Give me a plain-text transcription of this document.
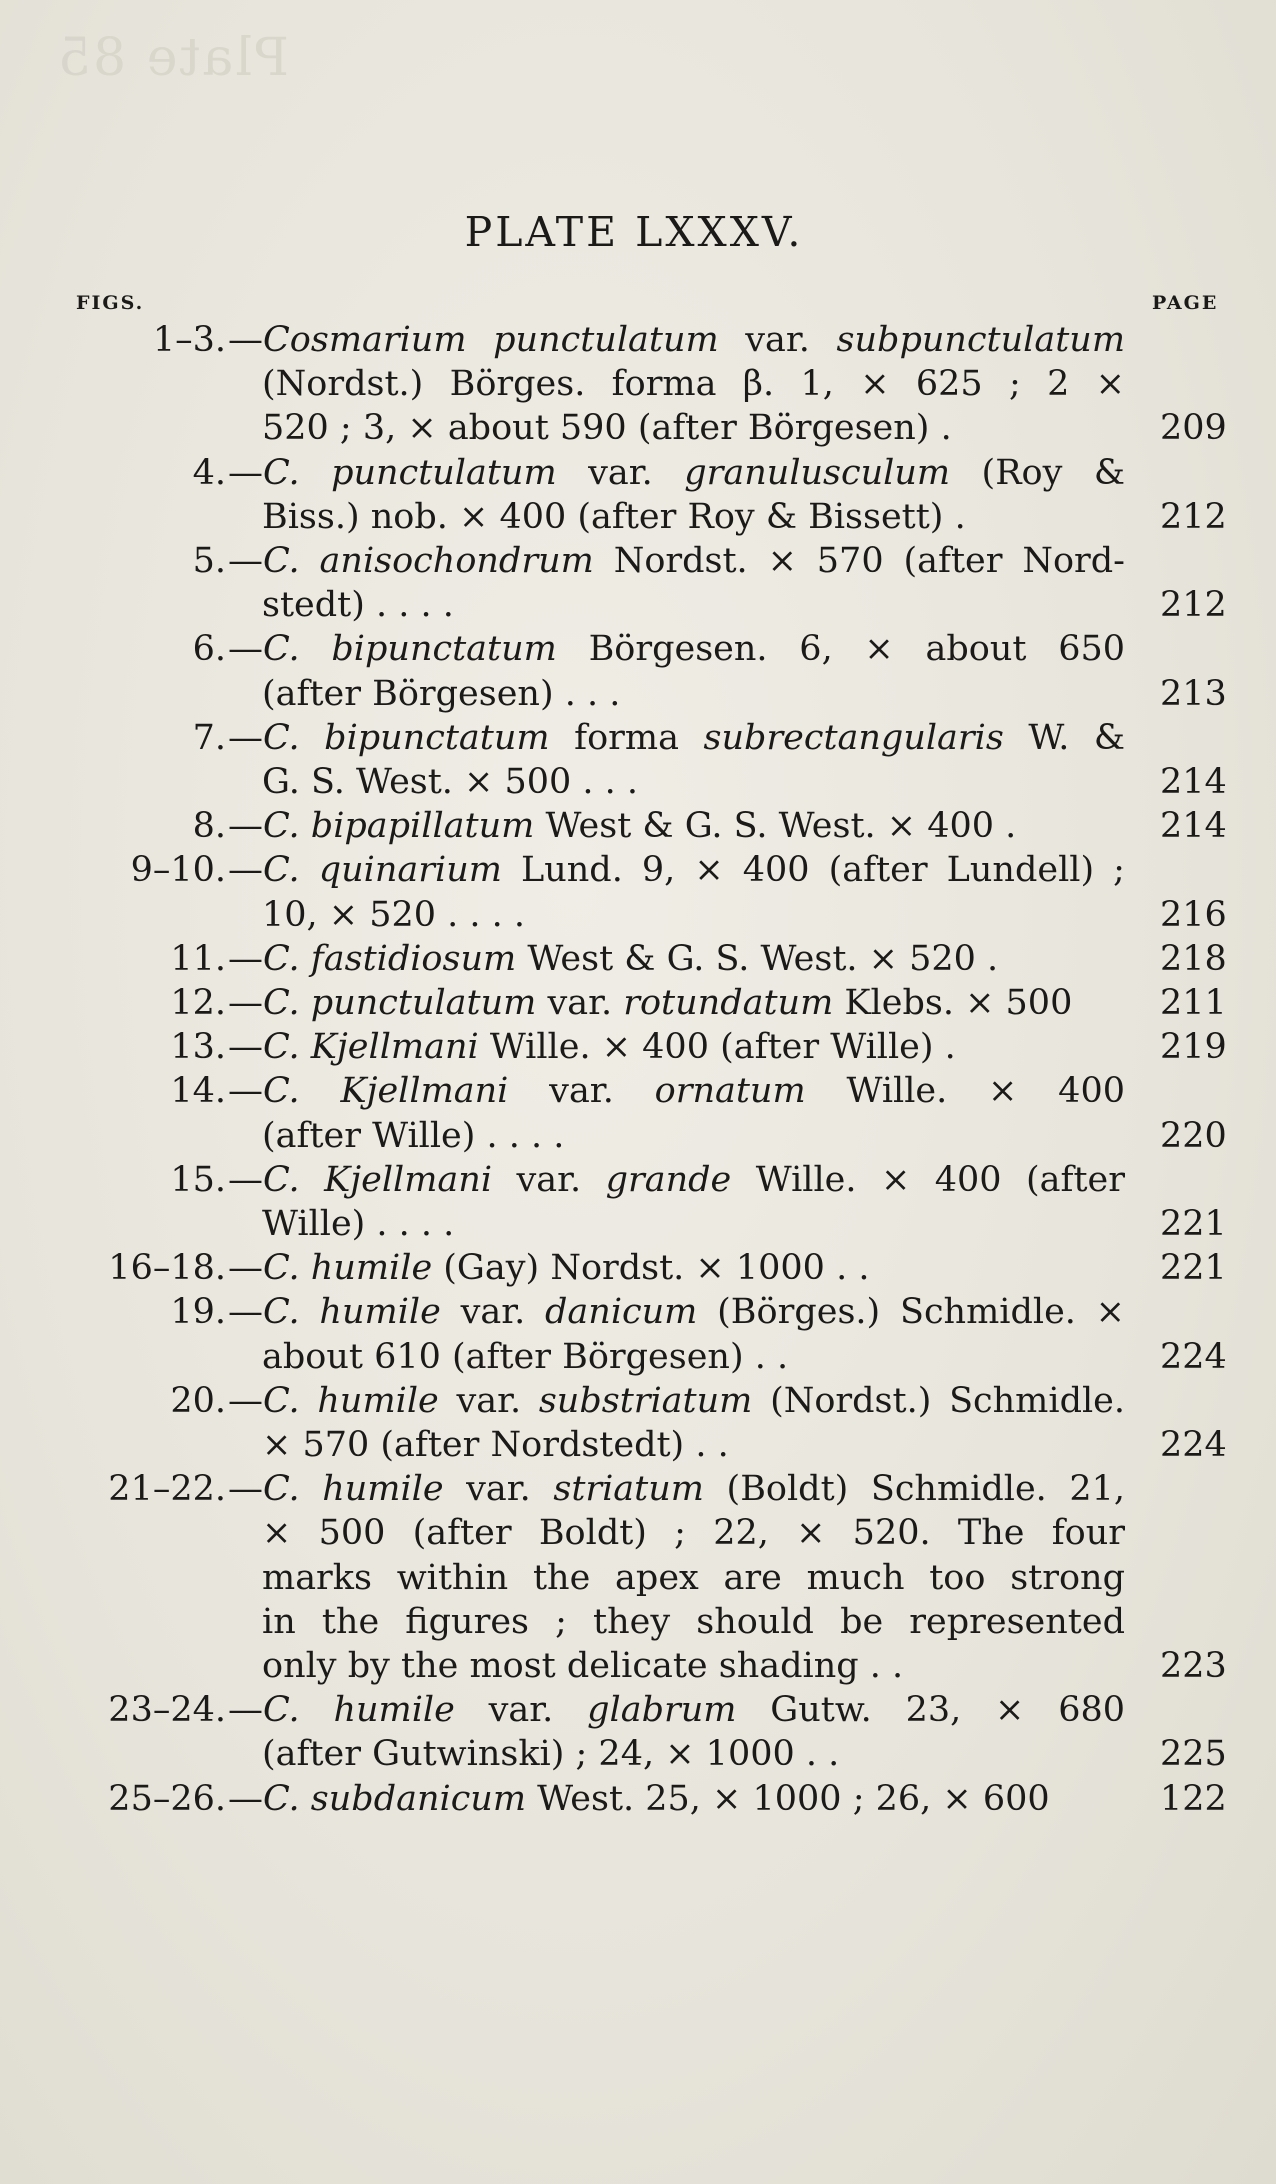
Plate 85
PLATE LXXXV.
FIGS.	PAGE
1–3. —Cosmarium punctulatum var. subpunctulatum
(Nordst.) Börges. forma β. 1, × 625 ; 2 ×
520 ; 3, × about 590 (after Börgesen) .	209
4. —C. punctulatum var. granulusculum (Roy &
Biss.) nob. × 400 (after Roy & Bissett) .	212
5. —C. anisochondrum Nordst. × 570 (after Nord-
stedt) . . . .	212
6. —C. bipunctatum Börgesen. 6, × about 650
(after Börgesen) . . .	213
7. —C. bipunctatum forma subrectangularis W. &
G. S. West. × 500 . . .	214
8. —C. bipapillatum West & G. S. West. × 400 .	214
9–10. —C. quinarium Lund. 9, × 400 (after Lundell) ;
10, × 520 . . . .	216
11. —C. fastidiosum West & G. S. West. × 520 .	218
12. —C. punctulatum var. rotundatum Klebs. × 500	211
13. —C. Kjellmani Wille. × 400 (after Wille) .	219
14. —C. Kjellmani var. ornatum Wille. × 400
(after Wille) . . . .	220
15. —C. Kjellmani var. grande Wille. × 400 (after
Wille) . . . .	221
16–18. —C. humile (Gay) Nordst. × 1000 . .	221
19. —C. humile var. danicum (Börges.) Schmidle. ×
about 610 (after Börgesen) . .	224
20. —C. humile var. substriatum (Nordst.) Schmidle.
× 570 (after Nordstedt) . .	224
21–22. —C. humile var. striatum (Boldt) Schmidle. 21,
× 500 (after Boldt) ; 22, × 520. The four
marks within the apex are much too strong
in the figures ; they should be represented
only by the most delicate shading . .	223
23–24. —C. humile var. glabrum Gutw. 23, × 680
(after Gutwinski) ; 24, × 1000 . .	225
25–26. —C. subdanicum West. 25, × 1000 ; 26, × 600	122
